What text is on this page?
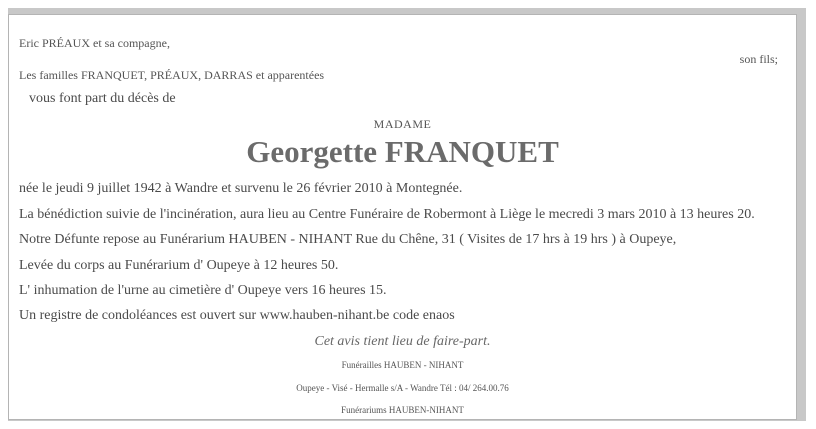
Eric PRÉAUX et sa compagne,
son fils;
Les familles FRANQUET, PRÉAUX, DARRAS et apparentées
vous font part du décès de
MADAME
Georgette FRANQUET
née le jeudi 9 juillet 1942 à Wandre et survenu le 26 février 2010 à Montegnée.
La bénédiction suivie de l'incinération, aura lieu au Centre Funéraire de Robermont à Liège le mecredi 3 mars 2010 à 13 heures 20.
Notre Défunte repose au Funérarium HAUBEN - NIHANT Rue du Chêne, 31 ( Visites de 17 hrs à 19 hrs ) à Oupeye,
Levée du corps au Funérarium d' Oupeye à 12 heures 50.
L' inhumation de l'urne au cimetière d' Oupeye vers 16 heures 15.
Un registre de condoléances est ouvert sur www.hauben-nihant.be code enaos
Cet avis tient lieu de faire-part.
Funérailles HAUBEN - NIHANT
Oupeye - Visé - Hermalle s/A - Wandre Tél : 04/ 264.00.76
Funérariums HAUBEN-NIHANT
